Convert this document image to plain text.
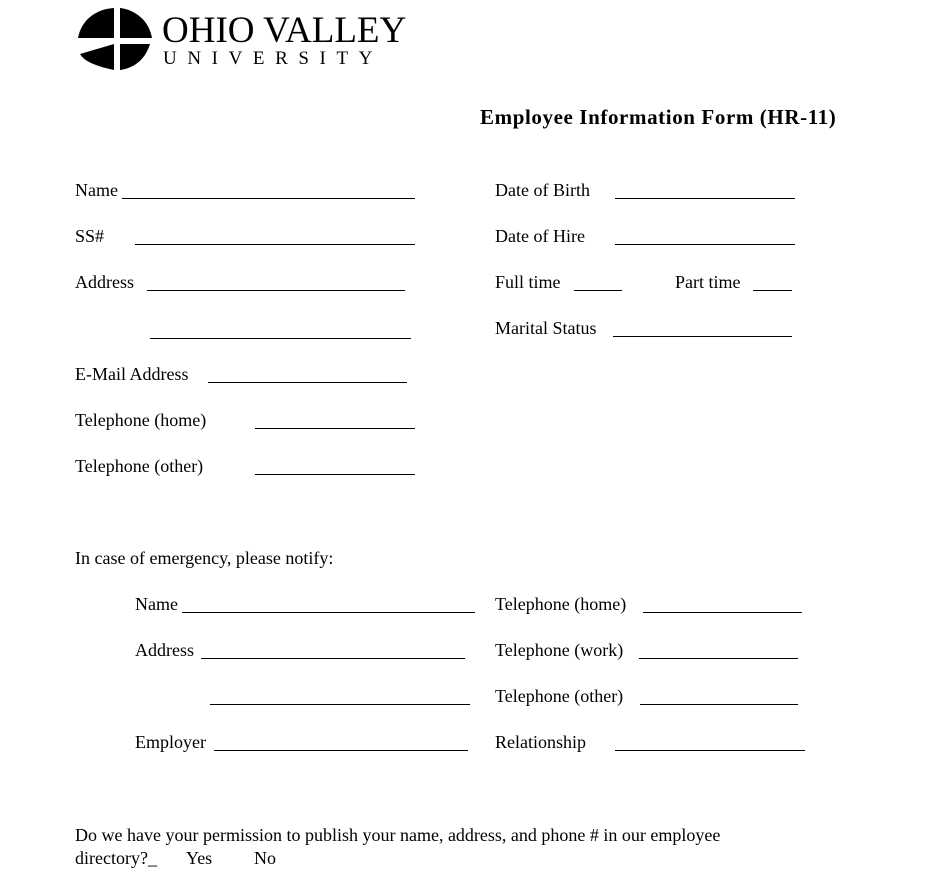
OHIO VALLEY
UNIVERSITY
Employee Information Form (HR-11)
Name
SS#
Address
E-Mail Address
Telephone (home)
Telephone (other)
Date of Birth
Date of Hire
Full time	Part time
Marital Status
In case of emergency, please notify:
Name
Address
Employer
Telephone (home)
Telephone (work)
Telephone (other)
Relationship
Do we have your permission to publish your name, address, and phone # in our employee
directory?_ Yes No
